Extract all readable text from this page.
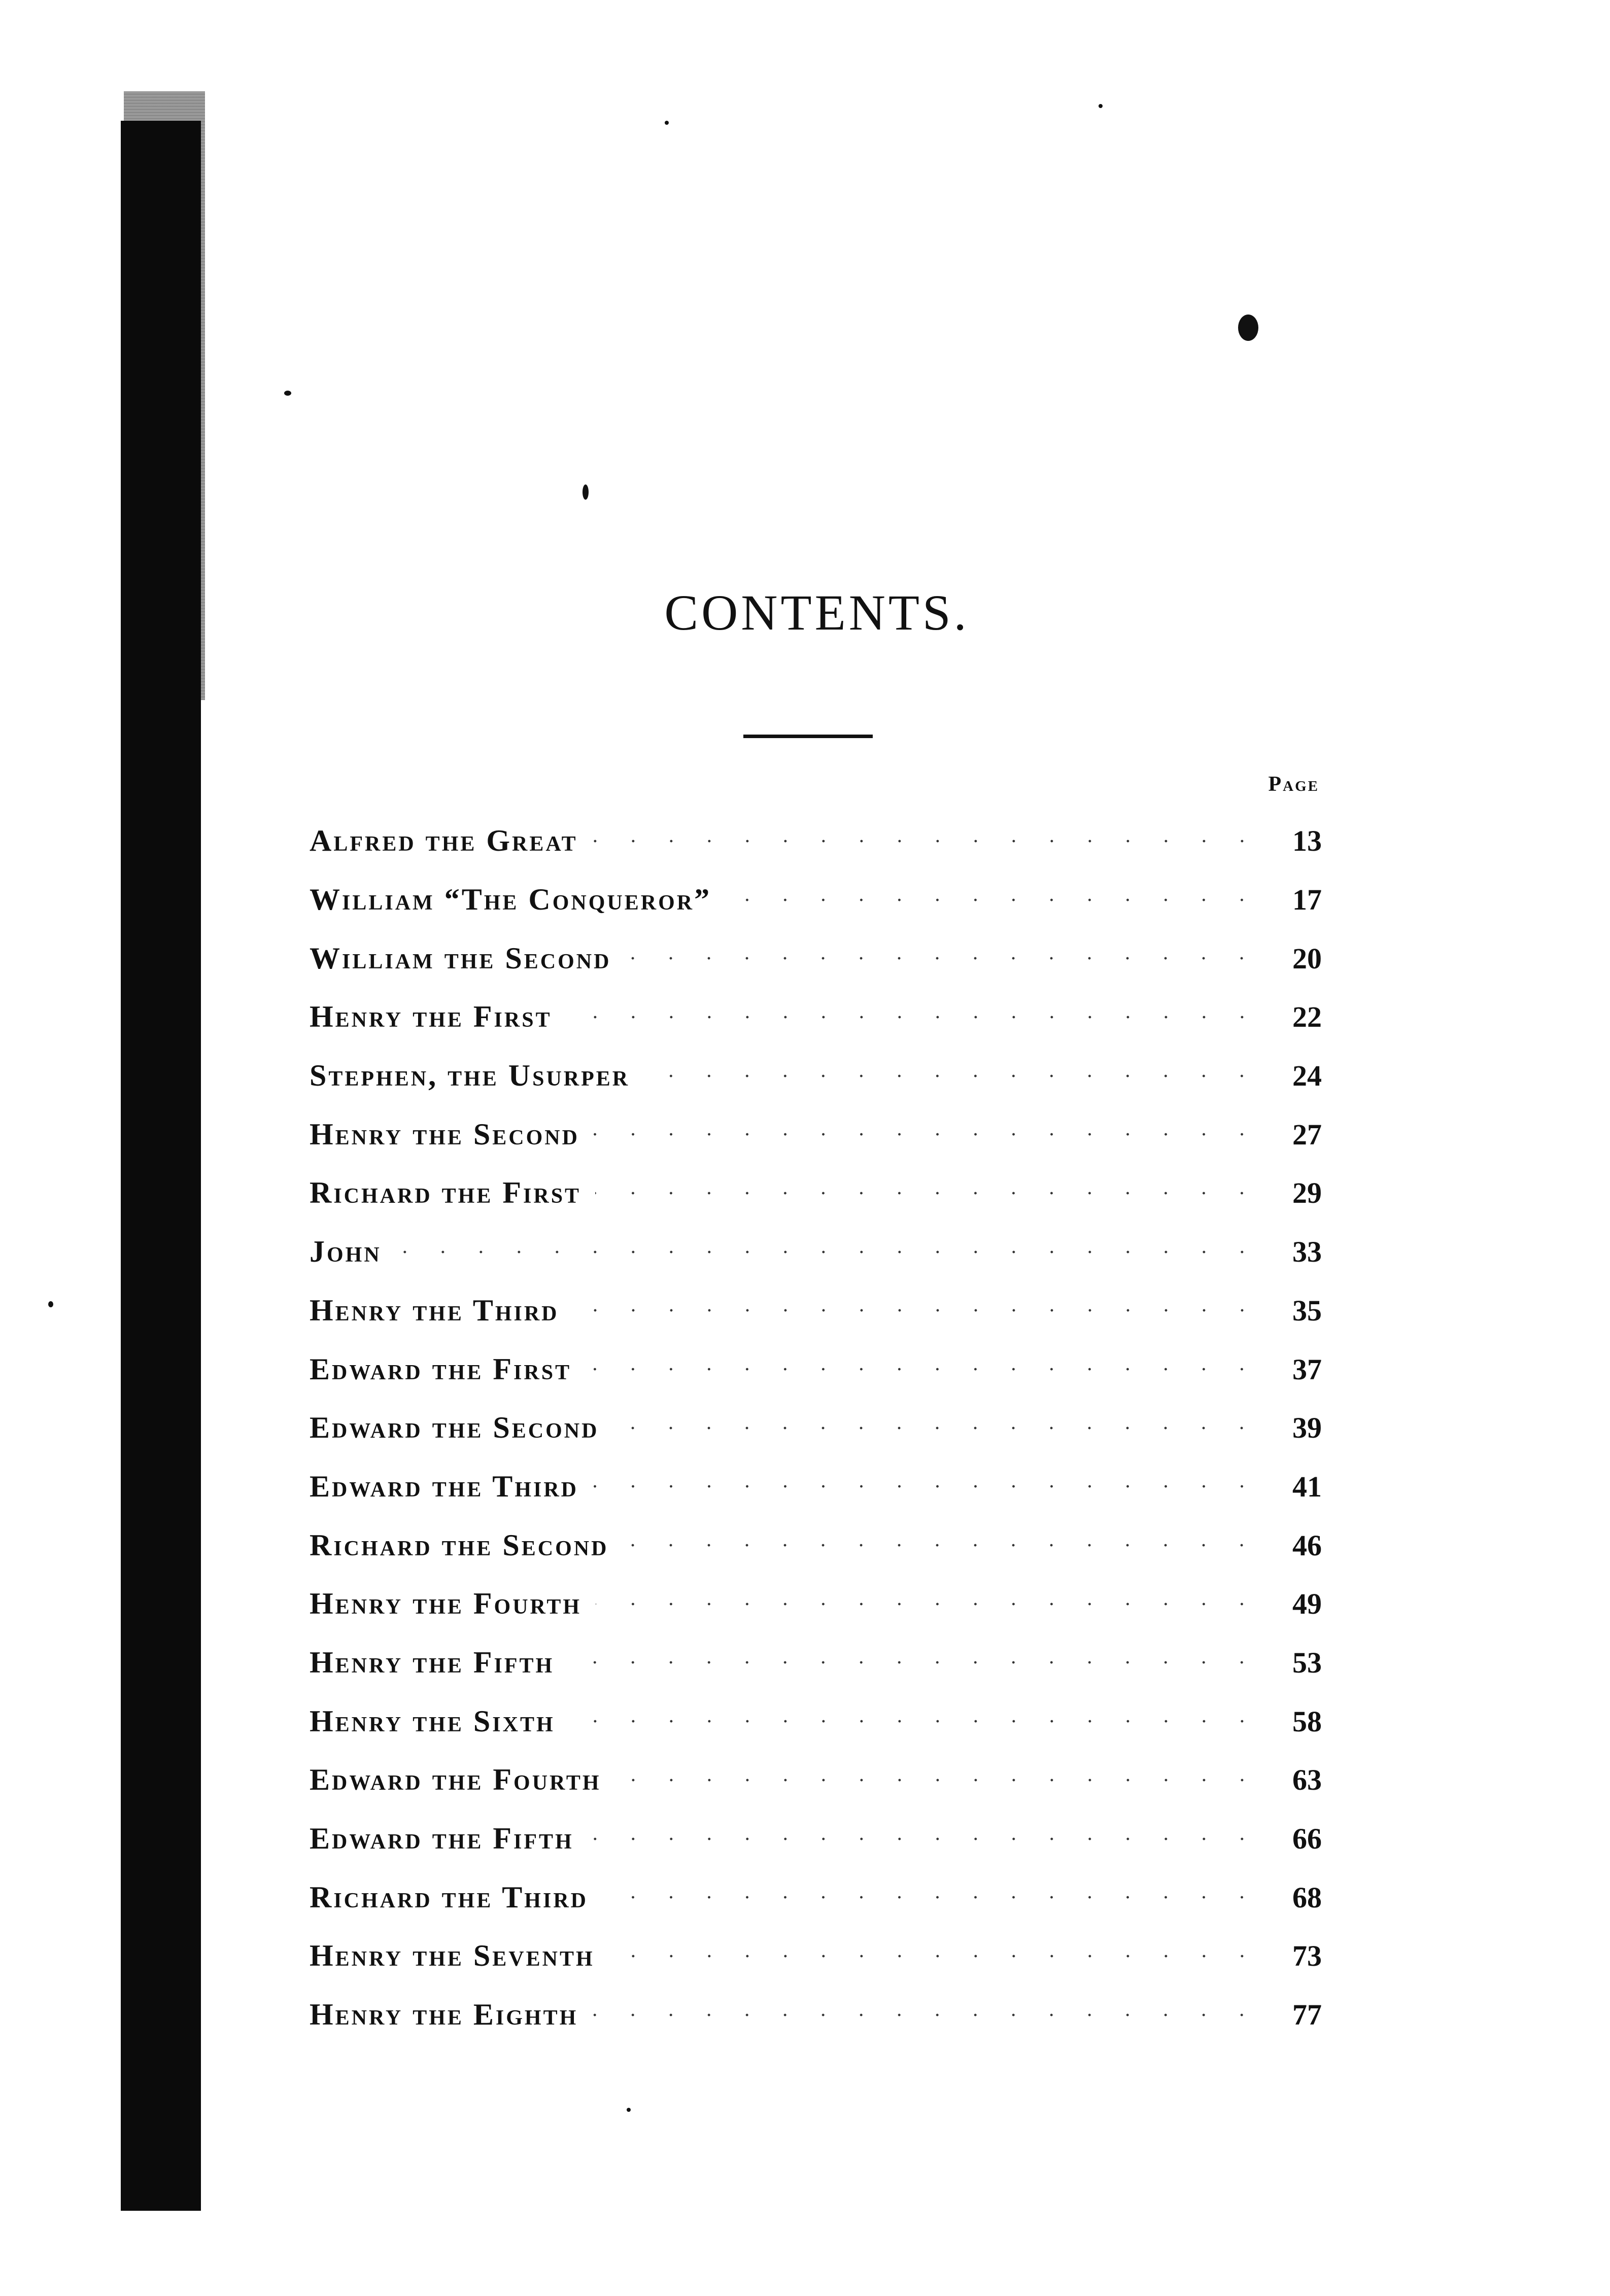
CONTENTS.
Page
Alfred the Great	13
William “The Conqueror”	17
William the Second	20
Henry the First	22
Stephen, the Usurper	24
Henry the Second	27
Richard the First	29
John	33
Henry the Third	35
Edward the First	37
Edward the Second	39
Edward the Third	41
Richard the Second	46
Henry the Fourth	49
Henry the Fifth	53
Henry the Sixth	58
Edward the Fourth	63
Edward the Fifth	66
Richard the Third	68
Henry the Seventh	73
Henry the Eighth	77
